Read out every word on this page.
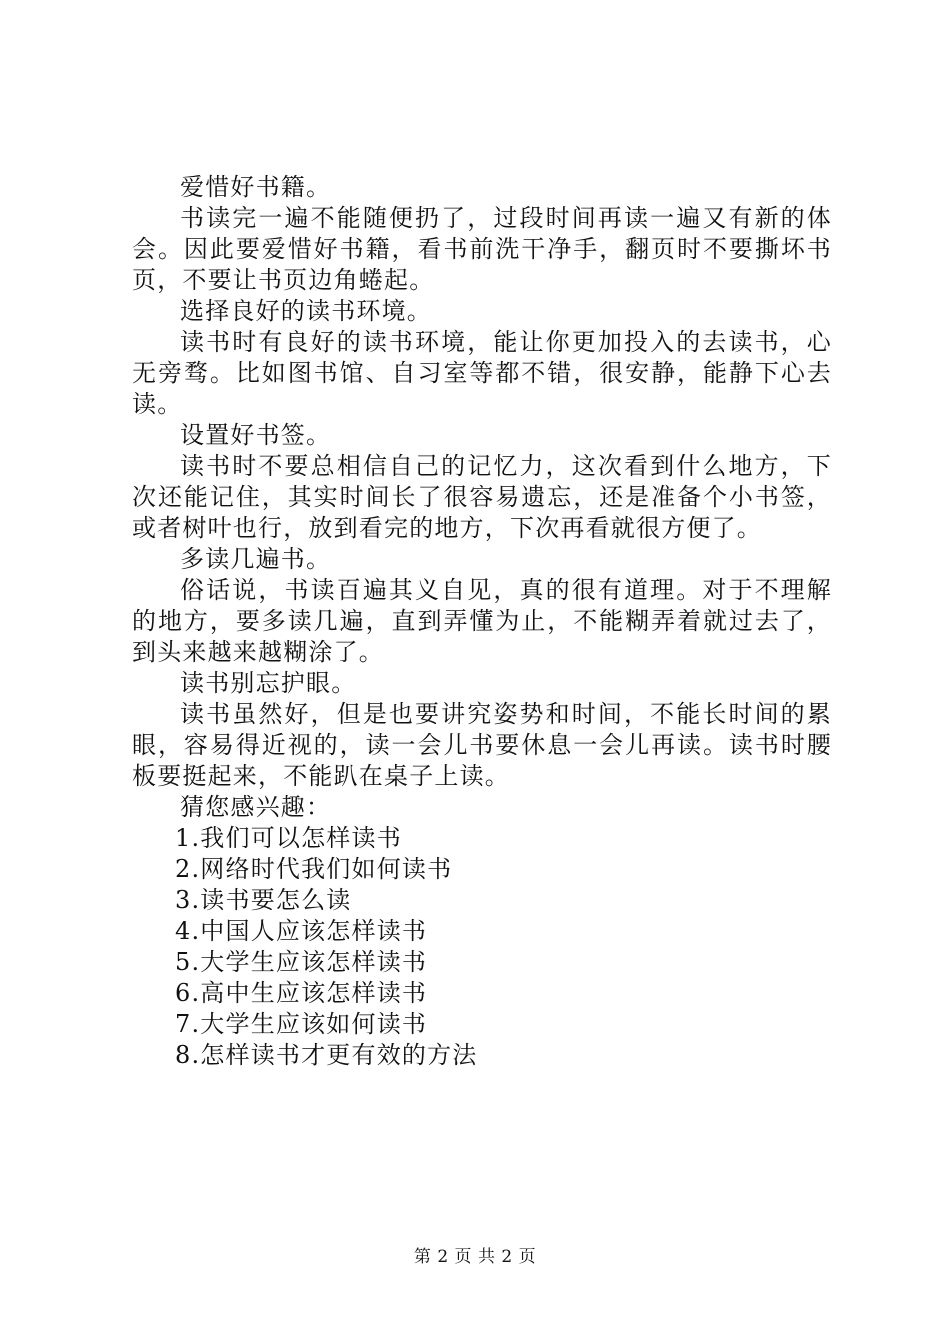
爱惜好书籍。

书读完一遍不能随便扔了，过段时间再读一遍又有新的体会。因此要爱惜好书籍，看书前洗干净手，翻页时不要撕坏书页，不要让书页边角蜷起。

选择良好的读书环境。

读书时有良好的读书环境，能让你更加投入的去读书，心无旁骛。比如图书馆、自习室等都不错，很安静，能静下心去读。

设置好书签。

读书时不要总相信自己的记忆力，这次看到什么地方，下次还能记住，其实时间长了很容易遗忘，还是准备个小书签，或者树叶也行，放到看完的地方，下次再看就很方便了。

多读几遍书。

俗话说，书读百遍其义自见，真的很有道理。对于不理解的地方，要多读几遍，直到弄懂为止，不能糊弄着就过去了，到头来越来越糊涂了。

读书别忘护眼。

读书虽然好，但是也要讲究姿势和时间，不能长时间的累眼，容易得近视的，读一会儿书要休息一会儿再读。读书时腰板要挺起来，不能趴在桌子上读。

猜您感兴趣：

1.我们可以怎样读书

2.网络时代我们如何读书

3.读书要怎么读

4.中国人应该怎样读书

5.大学生应该怎样读书

6.高中生应该怎样读书

7.大学生应该如何读书

8.怎样读书才更有效的方法

第 2 页 共 2 页
